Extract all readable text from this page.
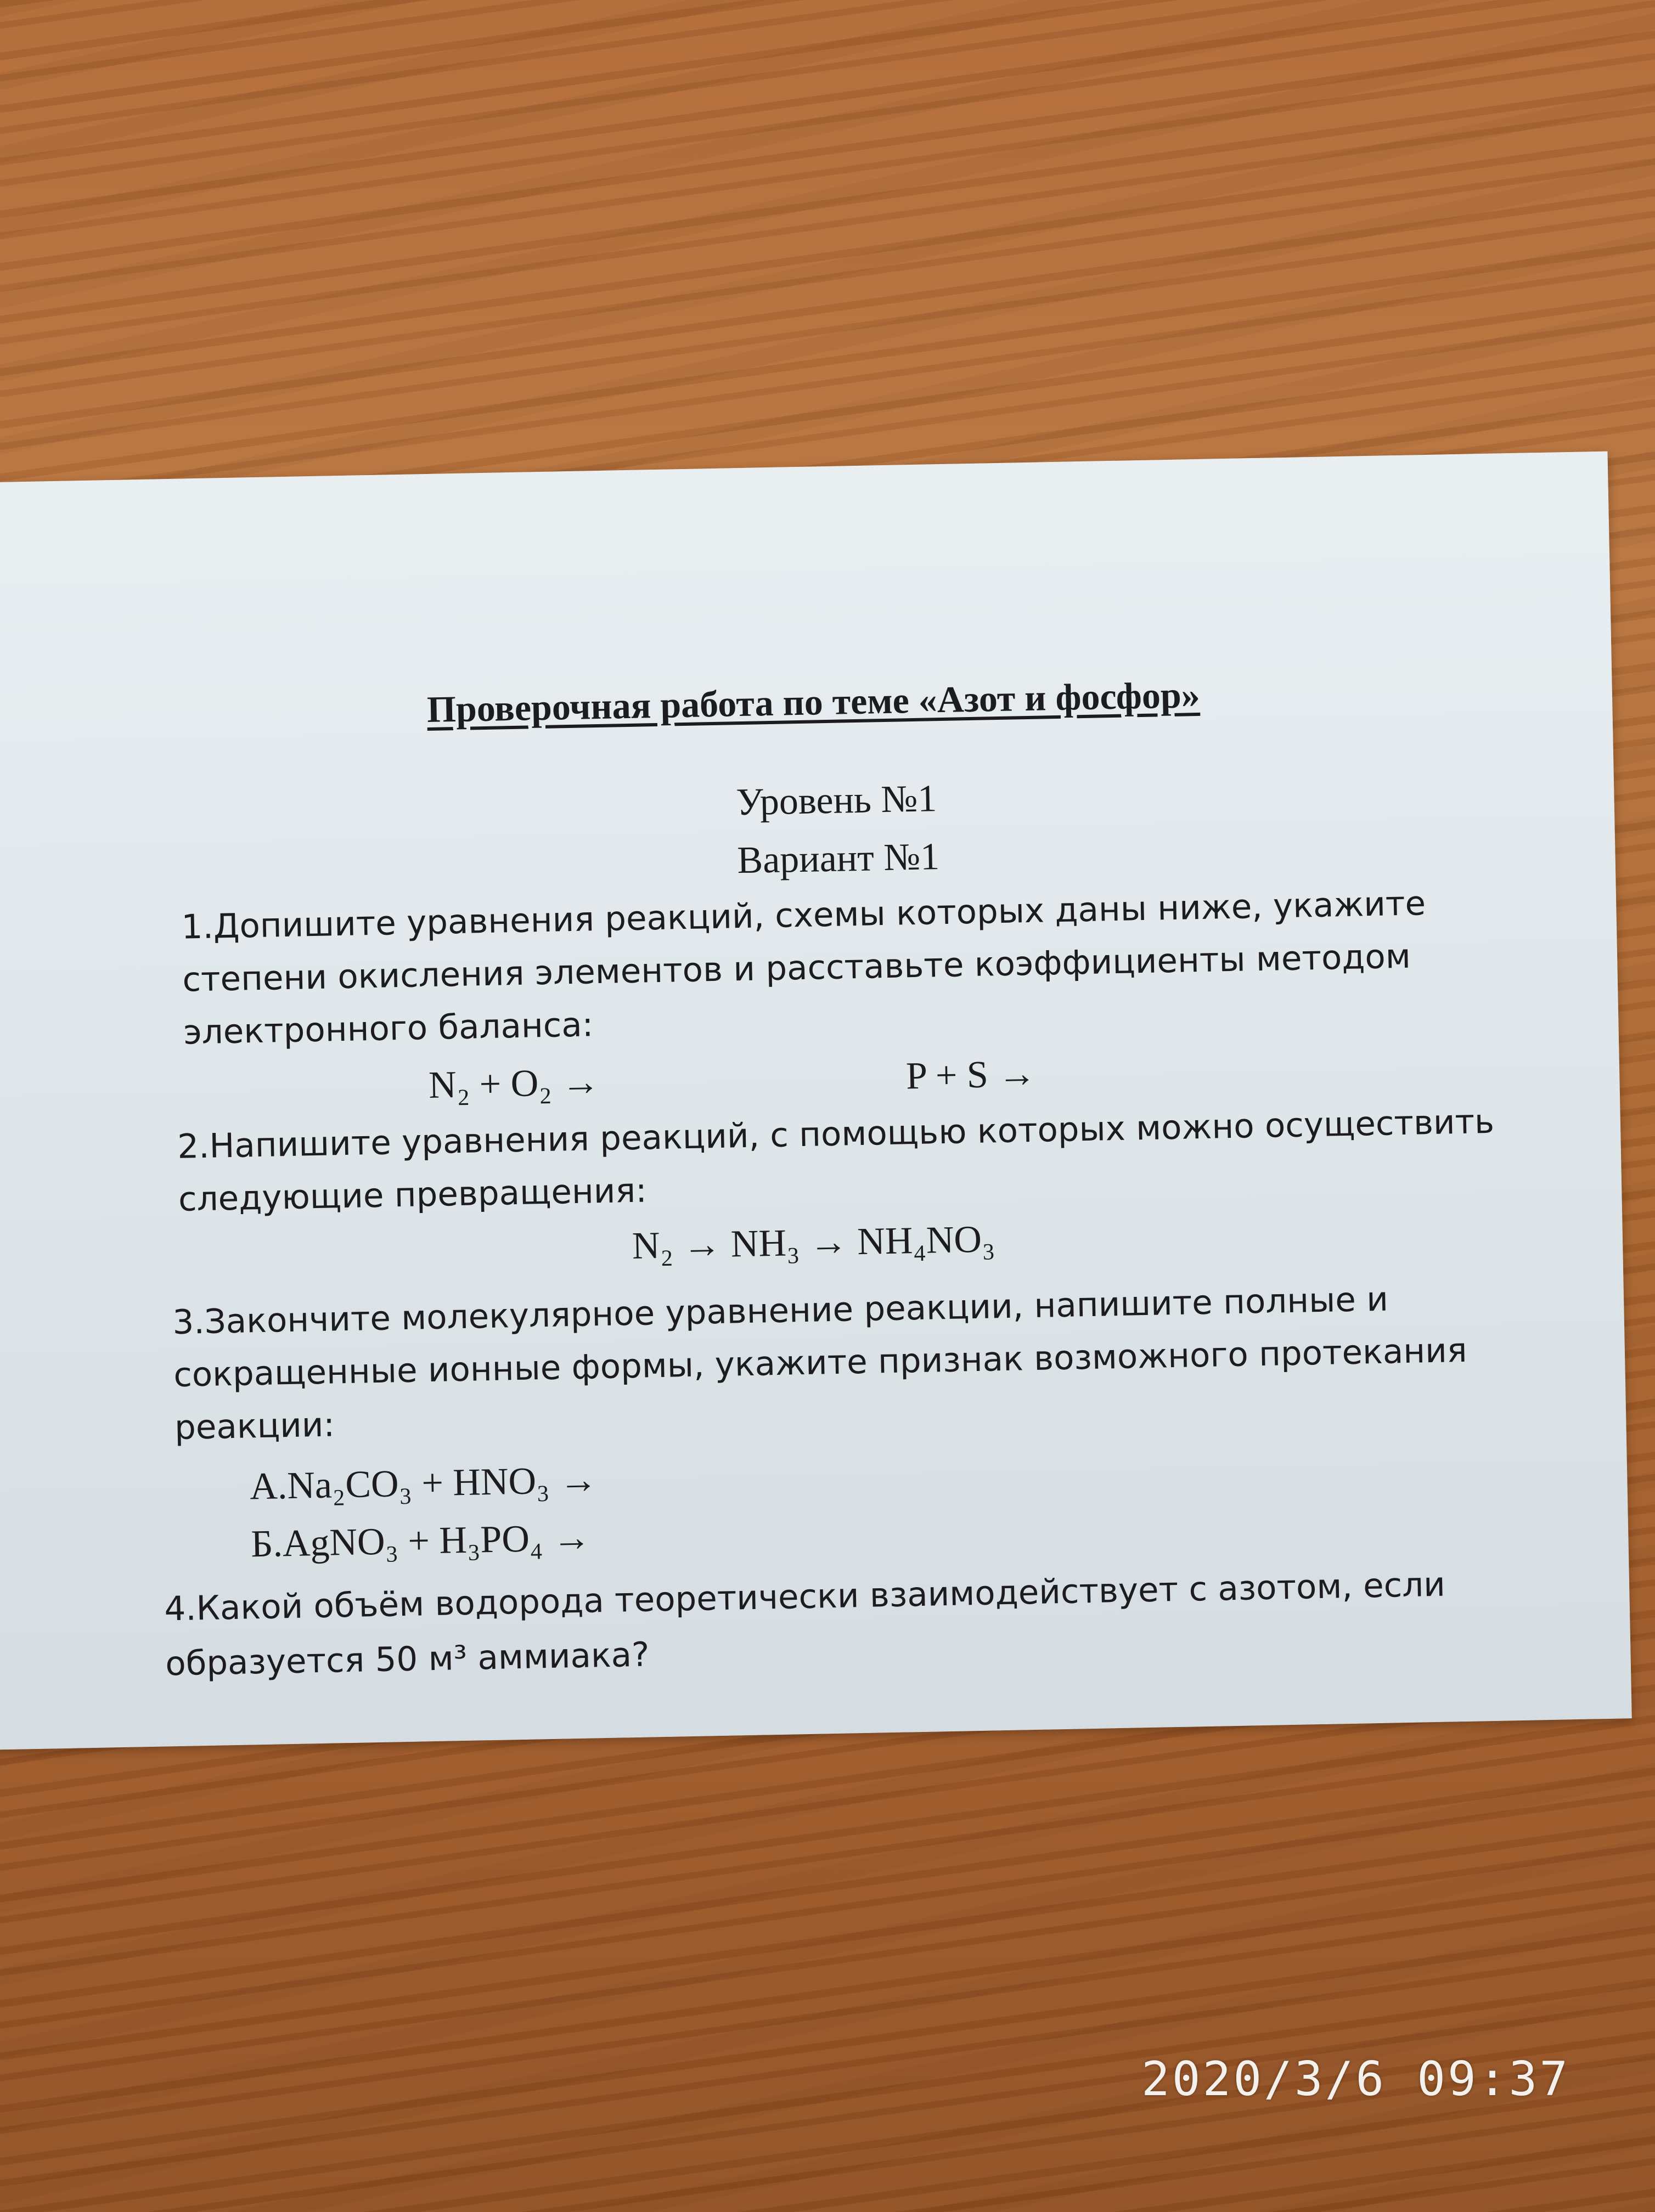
Проверочная работа по теме «Азот и фосфор»
Уровень №1
Вариант №1
1.Допишите уравнения реакций, схемы которых даны ниже, укажите степени окисления элементов и расставьте коэффициенты методом электронного баланса:
N₂ + O₂ →	P + S →
2.Напишите уравнения реакций, с помощью которых можно осуществить следующие превращения:
N₂ → NH₃ → NH₄NO₃
3.Закончите молекулярное уравнение реакции, напишите полные и сокращенные ионные формы, укажите признак возможного протекания реакции:
А.Na₂CO₃ + HNO₃ →
Б.AgNO₃ + H₃PO₄ →
4.Какой объём водорода теоретически взаимодействует с азотом, если образуется 50 м³ аммиака?
2020/3/6 09:37
